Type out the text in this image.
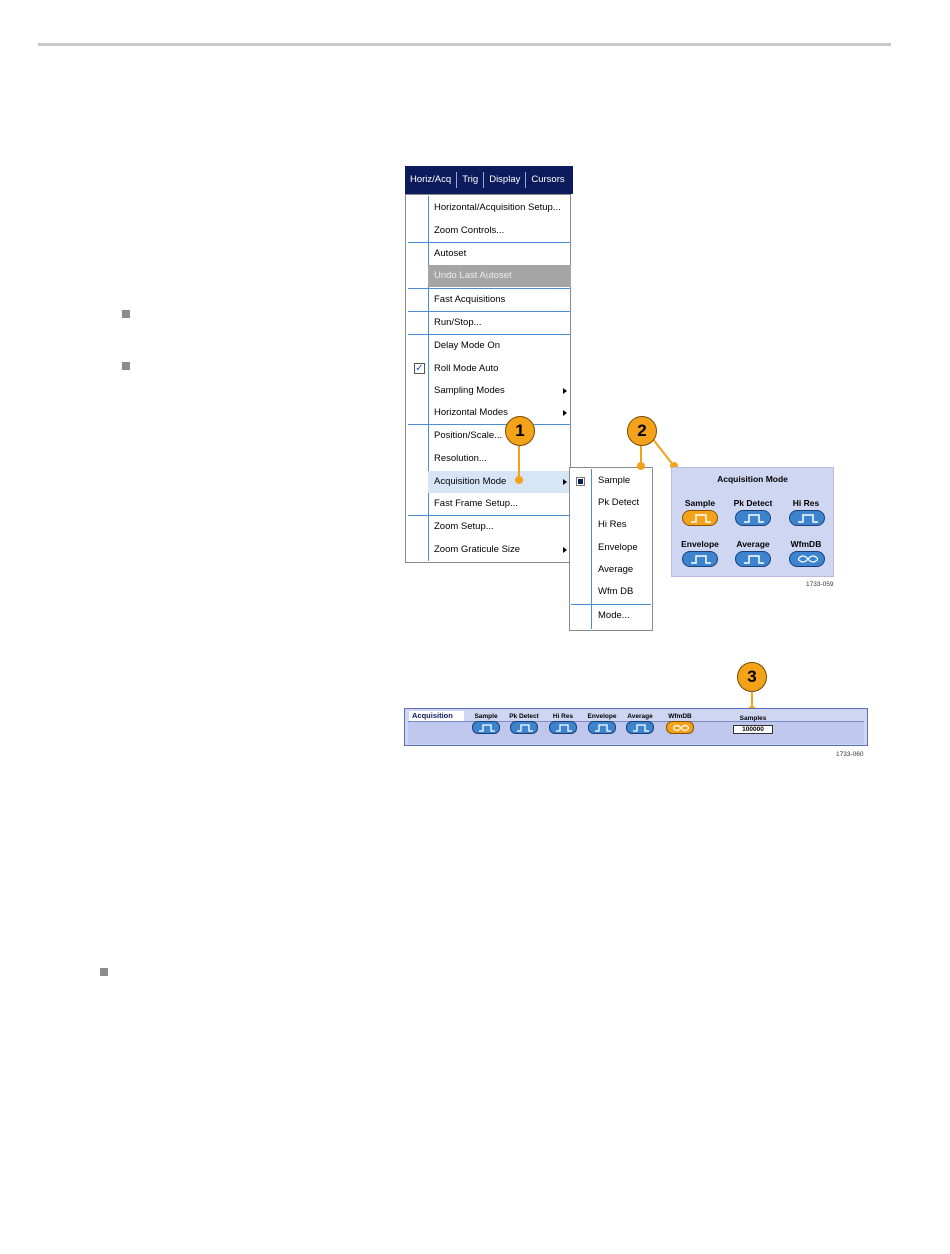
Horiz/Acq	Trig	Display	Cursors
Horizontal/Acquisition Setup...
Zoom Controls...
Autoset
Undo Last Autoset
Fast Acquisitions
Run/Stop...
Delay Mode On
✓	Roll Mode Auto
Sampling Modes
Horizontal Modes
Position/Scale...
Resolution...
Acquisition Mode
Fast Frame Setup...
Zoom Setup...
Zoom Graticule Size
Sample
Pk Detect
Hi Res
Envelope
Average
Wfm DB
Mode...
1	2
Acquisition Mode
Sample	Pk Detect	Hi Res
Envelope	Average	WfmDB
1733-059
3
Acquisition	Sample	Pk Detect	Hi Res	Envelope	Average	WfmDB	Samples
100000
1733-060
